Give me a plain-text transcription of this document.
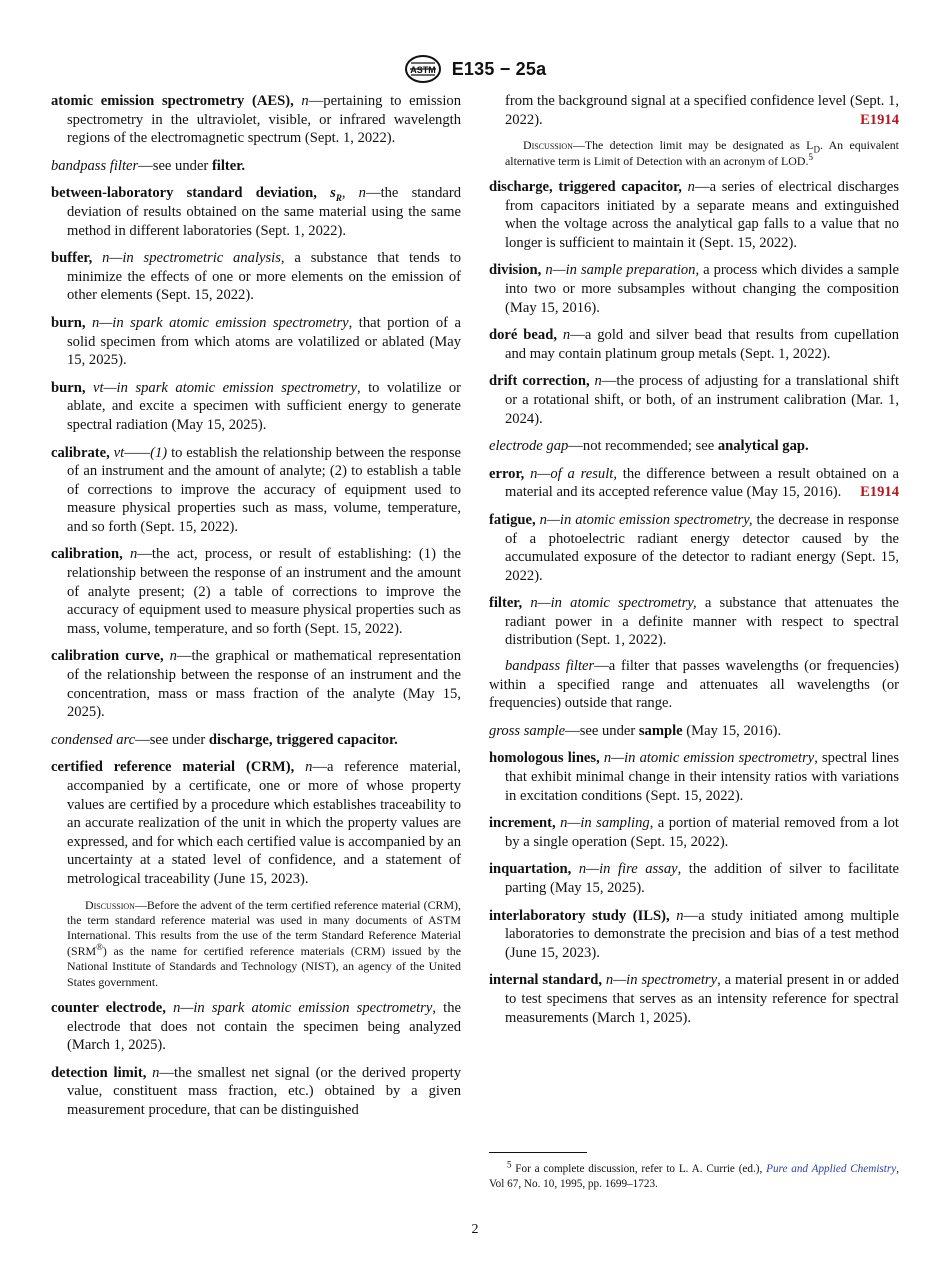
ASTM E135 − 25a

atomic emission spectrometry (AES), n—pertaining to emission spectrometry in the ultraviolet, visible, or infrared wavelength regions of the electromagnetic spectrum (Sept. 1, 2022).

bandpass filter—see under filter.

between-laboratory standard deviation, $s_R$, n—the standard deviation of results obtained on the same material using the same method in different laboratories (Sept. 1, 2022).

buffer, n—in spectrometric analysis, a substance that tends to minimize the effects of one or more elements on the emission of other elements (Sept. 15, 2022).

burn, n—in spark atomic emission spectrometry, that portion of a solid specimen from which atoms are volatilized or ablated (May 15, 2025).

burn, vt—in spark atomic emission spectrometry, to volatilize or ablate, and excite a specimen with sufficient energy to generate spectral radiation (May 15, 2025).

calibrate, vt——(1) to establish the relationship between the response of an instrument and the amount of analyte; (2) to establish a table of corrections to improve the accuracy of equipment used to measure physical properties such as mass, volume, temperature, and so forth (Sept. 15, 2022).

calibration, n—the act, process, or result of establishing: (1) the relationship between the response of an instrument and the amount of analyte present; (2) a table of corrections to improve the accuracy of equipment used to measure physical properties such as mass, volume, temperature, and so forth (Sept. 15, 2022).

calibration curve, n—the graphical or mathematical representation of the relationship between the response of an instrument and the concentration, mass or mass fraction of the analyte (May 15, 2025).

condensed arc—see under discharge, triggered capacitor.

certified reference material (CRM), n—a reference material, accompanied by a certificate, one or more of whose property values are certified by a procedure which establishes traceability to an accurate realization of the unit in which the property values are expressed, and for which each certified value is accompanied by an uncertainty at a stated level of confidence, and a statement of metrological traceability (June 15, 2023).

Discussion—Before the advent of the term certified reference material (CRM), the term standard reference material was used in many documents of ASTM International. This results from the use of the term Standard Reference Material (SRM®) as the name for certified reference materials (CRM) issued by the National Institute of Standards and Technology (NIST), an agency of the United States government.

counter electrode, n—in spark atomic emission spectrometry, the electrode that does not contain the specimen being analyzed (March 1, 2025).

detection limit, n—the smallest net signal (or the derived property value, constituent mass fraction, etc.) obtained by a given measurement procedure, that can be distinguished

from the background signal at a specified confidence level (Sept. 1, 2022).	E1914

Discussion—The detection limit may be designated as $L_D$. An equivalent alternative term is Limit of Detection with an acronym of LOD.$^5$

discharge, triggered capacitor, n—a series of electrical discharges from capacitors initiated by a separate means and extinguished when the voltage across the analytical gap falls to a value that no longer is sufficient to maintain it (Sept. 15, 2022).

division, n—in sample preparation, a process which divides a sample into two or more subsamples without changing the composition (May 15, 2016).

doré bead, n—a gold and silver bead that results from cupellation and may contain platinum group metals (Sept. 1, 2022).

drift correction, n—the process of adjusting for a translational shift or a rotational shift, or both, of an instrument calibration (Mar. 1, 2024).

electrode gap—not recommended; see analytical gap.

error, n—of a result, the difference between a result obtained on a material and its accepted reference value (May 15, 2016). E1914

fatigue, n—in atomic emission spectrometry, the decrease in response of a photoelectric radiant energy detector caused by the accumulated exposure of the detector to radiant energy (Sept. 15, 2022).

filter, n—in atomic spectrometry, a substance that attenuates the radiant power in a definite manner with respect to spectral distribution (Sept. 1, 2022).

bandpass filter—a filter that passes wavelengths (or frequencies) within a specified range and attenuates all wavelengths (or frequencies) outside that range.

gross sample—see under sample (May 15, 2016).

homologous lines, n—in atomic emission spectrometry, spectral lines that exhibit minimal change in their intensity ratios with variations in excitation conditions (Sept. 15, 2022).

increment, n—in sampling, a portion of material removed from a lot by a single operation (Sept. 15, 2022).

inquartation, n—in fire assay, the addition of silver to facilitate parting (May 15, 2025).

interlaboratory study (ILS), n—a study initiated among multiple laboratories to demonstrate the precision and bias of a test method (June 15, 2023).

internal standard, n—in spectrometry, a material present in or added to test specimens that serves as an intensity reference for spectral measurements (March 1, 2025).

$^5$ For a complete discussion, refer to L. A. Currie (ed.), Pure and Applied Chemistry, Vol 67, No. 10, 1995, pp. 1699–1723.
2
